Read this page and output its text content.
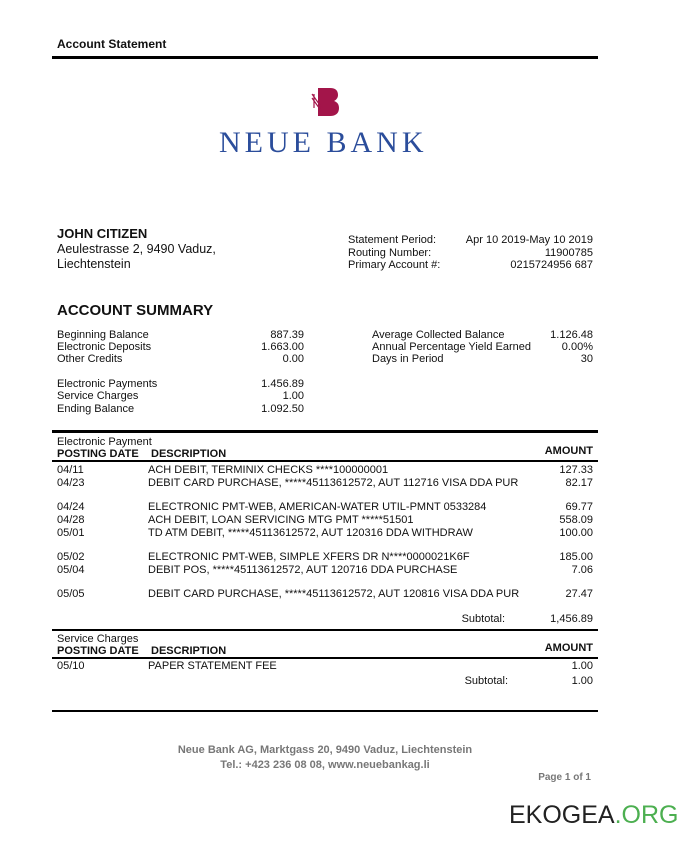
Account Statement
NEUE BANK
JOHN CITIZEN
Aeulestrasse 2, 9490 Vaduz,
Liechtenstein
Statement Period:	Apr 10 2019-May 10 2019
Routing Number:	11900785
Primary Account #:	0215724956 687
ACCOUNT SUMMARY
Beginning Balance	887.39
Electronic Deposits	1.663.00
Other Credits	0.00
Electronic Payments	1.456.89
Service Charges	1.00
Ending Balance	1.092.50
Average Collected Balance	1.126.48
Annual Percentage Yield Earned	0.00%
Days in Period	30
Electronic Payment
POSTING DATE DESCRIPTION	AMOUNT
04/11	ACH DEBIT, TERMINIX CHECKS ****100000001	127.33
04/23	DEBIT CARD PURCHASE, *****45113612572, AUT 112716 VISA DDA PUR	82.17
04/24	ELECTRONIC PMT-WEB, AMERICAN-WATER UTIL-PMNT 0533284	69.77
04/28	ACH DEBIT, LOAN SERVICING MTG PMT *****51501	558.09
05/01	TD ATM DEBIT, *****45113612572, AUT 120316 DDA WITHDRAW	100.00
05/02	ELECTRONIC PMT-WEB, SIMPLE XFERS DR N****0000021K6F	185.00
05/04	DEBIT POS, *****45113612572, AUT 120716 DDA PURCHASE	7.06
05/05	DEBIT CARD PURCHASE, *****45113612572, AUT 120816 VISA DDA PUR	27.47
Subtotal:	1,456.89
Service Charges
POSTING DATE DESCRIPTION	AMOUNT
05/10	PAPER STATEMENT FEE	1.00
Subtotal:	1.00
Neue Bank AG, Marktgass 20, 9490 Vaduz, Liechtenstein
Tel.: +423 236 08 08, www.neuebankag.li
Page 1 of 1
EKOGEA.ORG
